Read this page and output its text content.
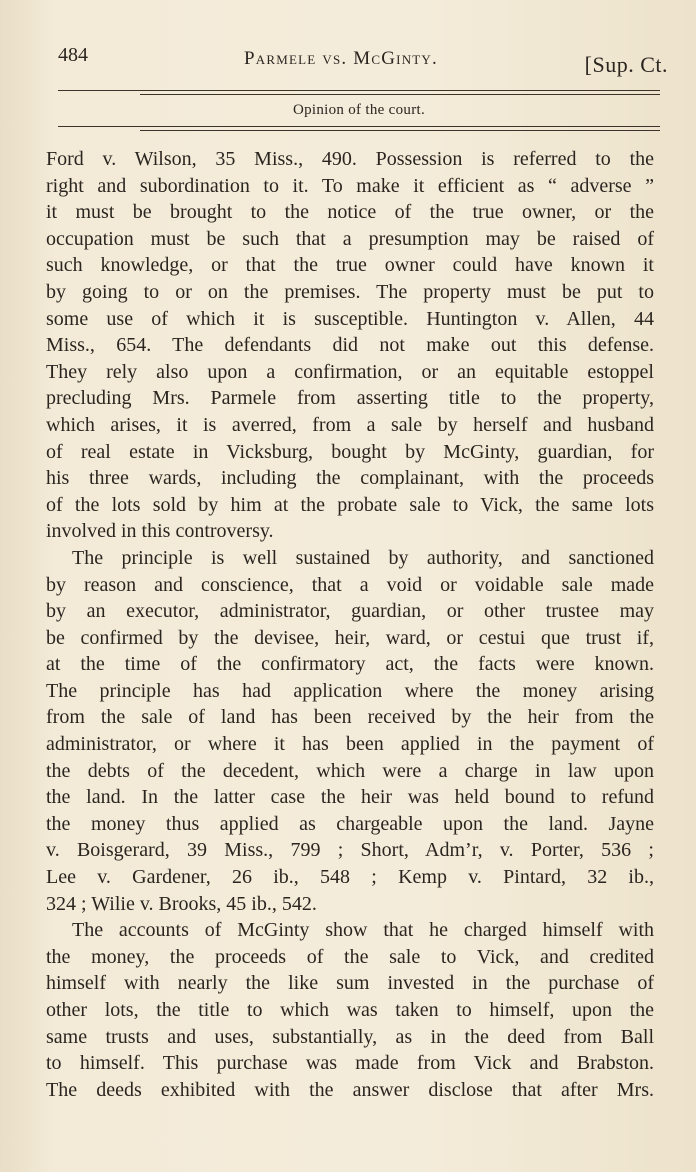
484	Parmele vs. McGinty.	[Sup. Ct.
Opinion of the court.

Ford v. Wilson, 35 Miss., 490. Possession is referred to the
right and subordination to it. To make it efficient as “ adverse ”
it must be brought to the notice of the true owner, or the
occupation must be such that a presumption may be raised of
such knowledge, or that the true owner could have known it
by going to or on the premises. The property must be put to
some use of which it is susceptible. Huntington v. Allen, 44
Miss., 654. The defendants did not make out this defense.
They rely also upon a confirmation, or an equitable estoppel
precluding Mrs. Parmele from asserting title to the property,
which arises, it is averred, from a sale by herself and husband
of real estate in Vicksburg, bought by McGinty, guardian, for
his three wards, including the complainant, with the proceeds
of the lots sold by him at the probate sale to Vick, the same lots
involved in this controversy.

The principle is well sustained by authority, and sanctioned
by reason and conscience, that a void or voidable sale made
by an executor, administrator, guardian, or other trustee may
be confirmed by the devisee, heir, ward, or cestui que trust if,
at the time of the confirmatory act, the facts were known.
The principle has had application where the money arising
from the sale of land has been received by the heir from the
administrator, or where it has been applied in the payment of
the debts of the decedent, which were a charge in law upon
the land. In the latter case the heir was held bound to refund
the money thus applied as chargeable upon the land. Jayne
v. Boisgerard, 39 Miss., 799 ; Short, Adm’r, v. Porter, 536 ;
Lee v. Gardener, 26 ib., 548 ; Kemp v. Pintard, 32 ib.,
324 ; Wilie v. Brooks, 45 ib., 542.

The accounts of McGinty show that he charged himself with
the money, the proceeds of the sale to Vick, and credited
himself with nearly the like sum invested in the purchase of
other lots, the title to which was taken to himself, upon the
same trusts and uses, substantially, as in the deed from Ball
to himself. This purchase was made from Vick and Brabston.
The deeds exhibited with the answer disclose that after Mrs.
